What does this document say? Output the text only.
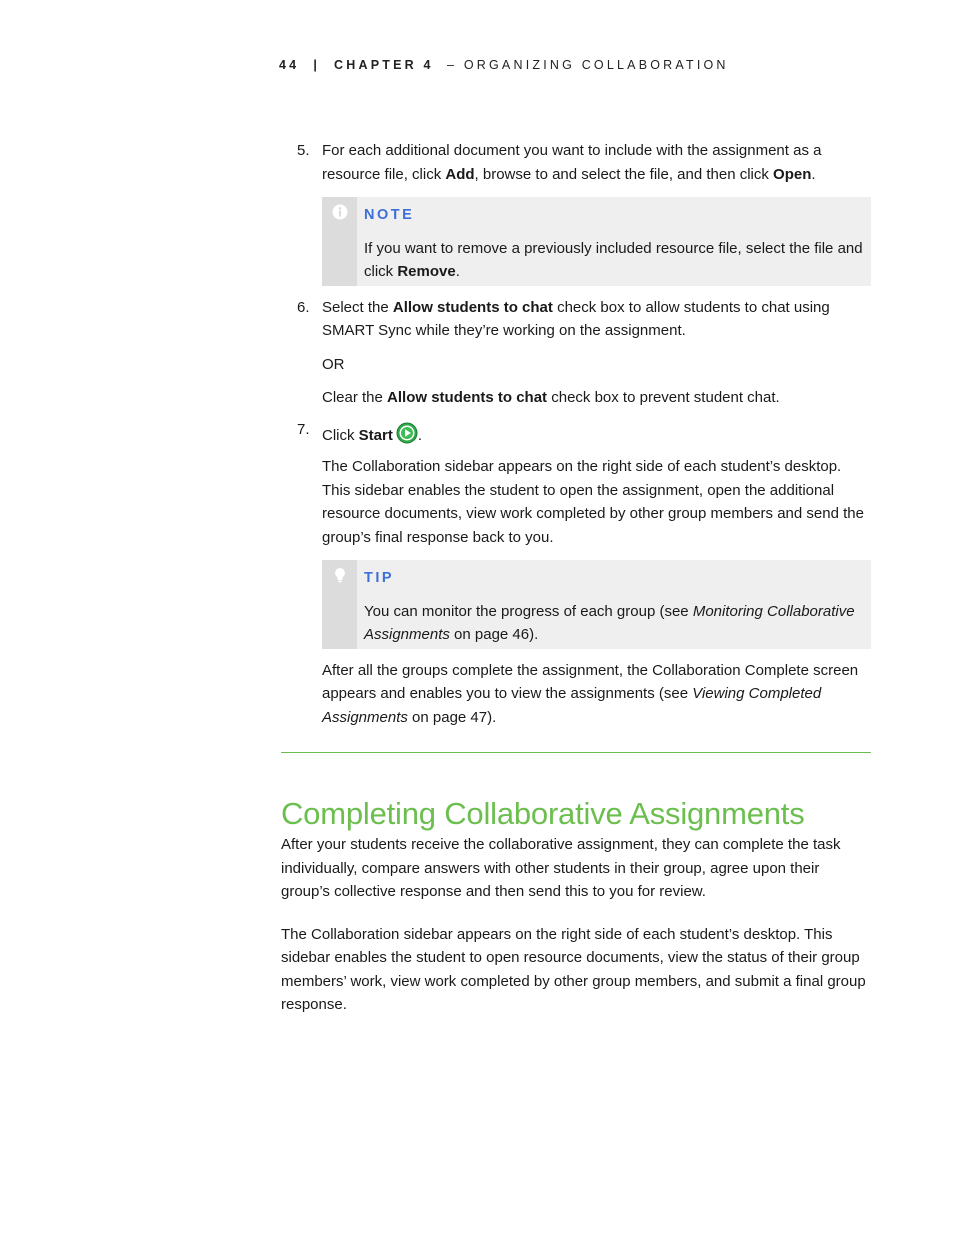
44 | CHAPTER 4 – ORGANIZING COLLABORATION
5. For each additional document you want to include with the assignment as a resource file, click Add, browse to and select the file, and then click Open.

NOTE

If you want to remove a previously included resource file, select the file and click Remove.

6. Select the Allow students to chat check box to allow students to chat using SMART Sync while they’re working on the assignment.

OR

Clear the Allow students to chat check box to prevent student chat.

7. Click Start .

The Collaboration sidebar appears on the right side of each student’s desktop. This sidebar enables the student to open the assignment, open the additional resource documents, view work completed by other group members and send the group’s final response back to you.

TIP

You can monitor the progress of each group (see Monitoring Collaborative Assignments on page 46).

After all the groups complete the assignment, the Collaboration Complete screen appears and enables you to view the assignments (see Viewing Completed Assignments on page 47).

Completing Collaborative Assignments

After your students receive the collaborative assignment, they can complete the task individually, compare answers with other students in their group, agree upon their group’s collective response and then send this to you for review.

The Collaboration sidebar appears on the right side of each student’s desktop. This sidebar enables the student to open resource documents, view the status of their group members’ work, view work completed by other group members, and submit a final group response.
